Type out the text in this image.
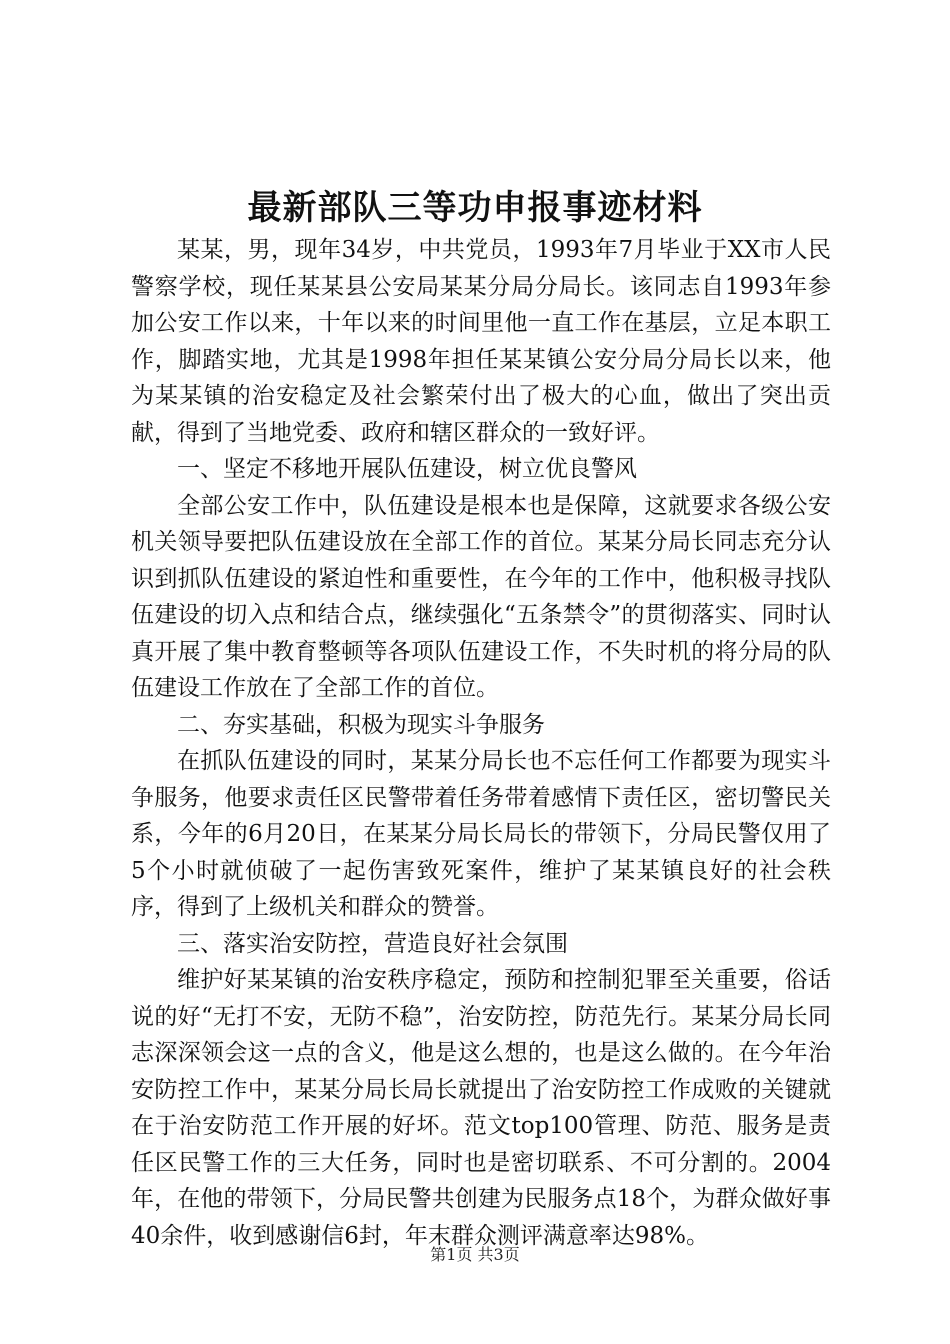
最新部队三等功申报事迹材料

某某，男，现年34岁，中共党员，1993年7月毕业于XX市人民警察学校，现任某某县公安局某某分局分局长。该同志自1993年参加公安工作以来，十年以来的时间里他一直工作在基层，立足本职工作，脚踏实地，尤其是1998年担任某某镇公安分局分局长以来，他为某某镇的治安稳定及社会繁荣付出了极大的心血，做出了突出贡献，得到了当地党委、政府和辖区群众的一致好评。

一、坚定不移地开展队伍建设，树立优良警风

全部公安工作中，队伍建设是根本也是保障，这就要求各级公安机关领导要把队伍建设放在全部工作的首位。某某分局长同志充分认识到抓队伍建设的紧迫性和重要性，在今年的工作中，他积极寻找队伍建设的切入点和结合点，继续强化“五条禁令”的贯彻落实、同时认真开展了集中教育整顿等各项队伍建设工作，不失时机的将分局的队伍建设工作放在了全部工作的首位。

二、夯实基础，积极为现实斗争服务

在抓队伍建设的同时，某某分局长也不忘任何工作都要为现实斗争服务，他要求责任区民警带着任务带着感情下责任区，密切警民关系，今年的6月20日，在某某分局长局长的带领下，分局民警仅用了5个小时就侦破了一起伤害致死案件，维护了某某镇良好的社会秩序，得到了上级机关和群众的赞誉。

三、落实治安防控，营造良好社会氛围

维护好某某镇的治安秩序稳定，预防和控制犯罪至关重要，俗话说的好“无打不安，无防不稳”，治安防控，防范先行。某某分局长同志深深领会这一点的含义，他是这么想的，也是这么做的。在今年治安防控工作中，某某分局长局长就提出了治安防控工作成败的关键就在于治安防范工作开展的好坏。范文top100管理、防范、服务是责任区民警工作的三大任务，同时也是密切联系、不可分割的。2004年，在他的带领下，分局民警共创建为民服务点18个，为群众做好事40余件，收到感谢信6封，年末群众测评满意率达98%。

第1页 共3页
